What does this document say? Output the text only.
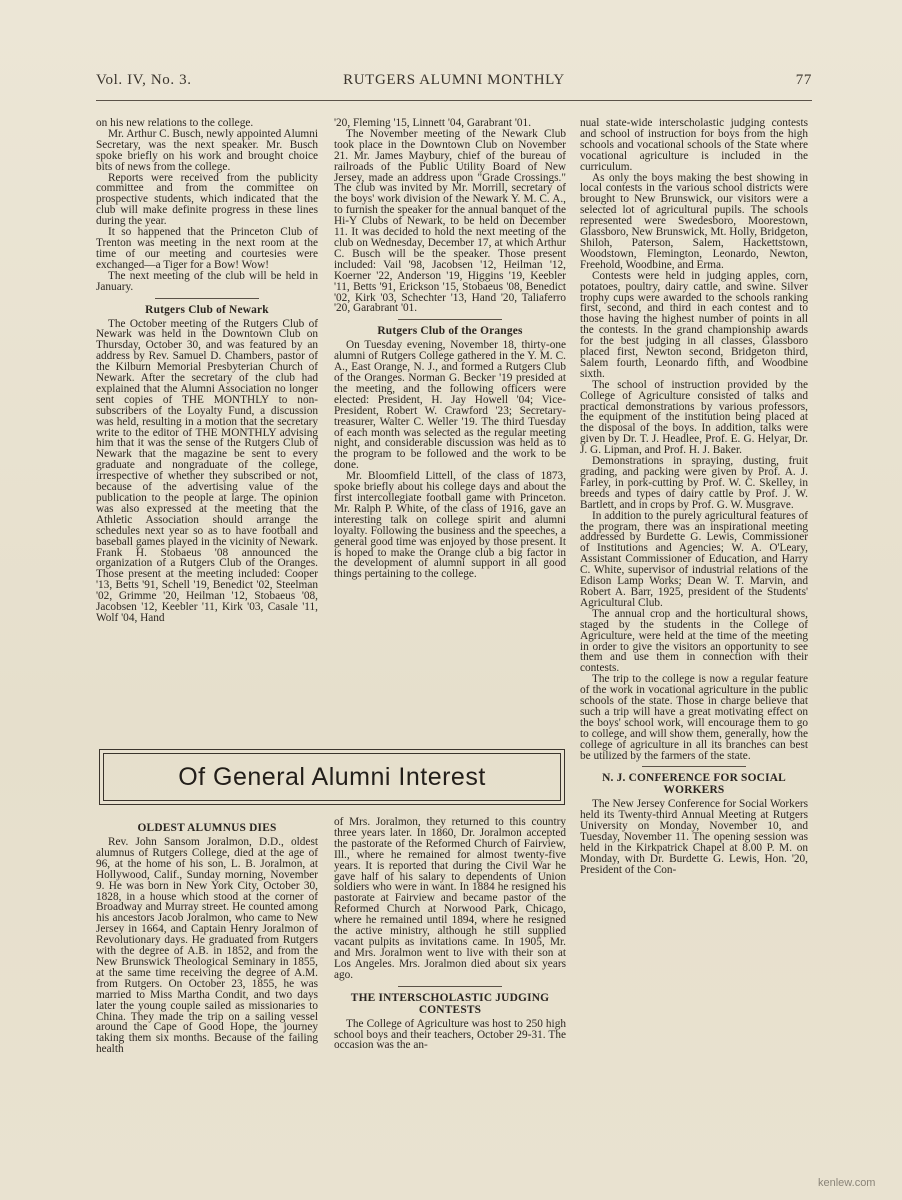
Vol. IV, No. 3.	RUTGERS ALUMNI MONTHLY	77

on his new relations to the college.

Mr. Arthur C. Busch, newly appointed Alumni Secretary, was the next speaker. Mr. Busch spoke briefly on his work and brought choice bits of news from the college.

Reports were received from the publicity committee and from the committee on prospective students, which indicated that the club will make definite progress in these lines during the year.

It so happened that the Princeton Club of Trenton was meeting in the next room at the time of our meeting and courtesies were exchanged—a Tiger for a Bow! Wow!

The next meeting of the club will be held in January.

Rutgers Club of Newark

The October meeting of the Rutgers Club of Newark was held in the Downtown Club on Thursday, October 30, and was featured by an address by Rev. Samuel D. Chambers, pastor of the Kilburn Memorial Presbyterian Church of Newark. After the secretary of the club had explained that the Alumni Association no longer sent copies of THE MONTHLY to non-subscribers of the Loyalty Fund, a discussion was held, resulting in a motion that the secretary write to the editor of THE MONTHLY advising him that it was the sense of the Rutgers Club of Newark that the magazine be sent to every graduate and nongraduate of the college, irrespective of whether they subscribed or not, because of the advertising value of the publication to the people at large. The opinion was also expressed at the meeting that the Athletic Association should arrange the schedules next year so as to have football and baseball games played in the vicinity of Newark. Frank H. Stobaeus '08 announced the organization of a Rutgers Club of the Oranges. Those present at the meeting included: Cooper '13, Betts '91, Schell '19, Benedict '02, Steelman '02, Grimme '20, Heilman '12, Stobaeus '08, Jacobsen '12, Keebler '11, Kirk '03, Casale '11, Wolf '04, Hand

'20, Fleming '15, Linnett '04, Garabrant '01.

The November meeting of the Newark Club took place in the Downtown Club on November 21. Mr. James Maybury, chief of the bureau of railroads of the Public Utility Board of New Jersey, made an address upon "Grade Crossings." The club was invited by Mr. Morrill, secretary of the boys' work division of the Newark Y. M. C. A., to furnish the speaker for the annual banquet of the Hi-Y Clubs of Newark, to be held on December 11. It was decided to hold the next meeting of the club on Wednesday, December 17, at which Arthur C. Busch will be the speaker. Those present included: Vail '98, Jacobsen '12, Heilman '12, Koerner '22, Anderson '19, Higgins '19, Keebler '11, Betts '91, Erickson '15, Stobaeus '08, Benedict '02, Kirk '03, Schechter '13, Hand '20, Taliaferro '20, Garabrant '01.

Rutgers Club of the Oranges

On Tuesday evening, November 18, thirty-one alumni of Rutgers College gathered in the Y. M. C. A., East Orange, N. J., and formed a Rutgers Club of the Oranges. Norman G. Becker '19 presided at the meeting, and the following officers were elected: President, H. Jay Howell '04; Vice-President, Robert W. Crawford '23; Secretary-treasurer, Walter C. Weller '19. The third Tuesday of each month was selected as the regular meeting night, and considerable discussion was held as to the program to be followed and the work to be done.

Mr. Bloomfield Littell, of the class of 1873, spoke briefly about his college days and about the first intercollegiate football game with Princeton. Mr. Ralph P. White, of the class of 1916, gave an interesting talk on college spirit and alumni loyalty. Following the business and the speeches, a general good time was enjoyed by those present. It is hoped to make the Orange club a big factor in the development of alumni support in all good things pertaining to the college.

nual state-wide interscholastic judging contests and school of instruction for boys from the high schools and vocational schools of the State where vocational agriculture is included in the curriculum.

As only the boys making the best showing in local contests in the various school districts were brought to New Brunswick, our visitors were a selected lot of agricultural pupils. The schools represented were Swedesboro, Moorestown, Glassboro, New Brunswick, Mt. Holly, Bridgeton, Shiloh, Paterson, Salem, Hackettstown, Woodstown, Flemington, Leonardo, Newton, Freehold, Woodbine, and Erma.

Contests were held in judging apples, corn, potatoes, poultry, dairy cattle, and swine. Silver trophy cups were awarded to the schools ranking first, second, and third in each contest and to those having the highest number of points in all the contests. In the grand championship awards for the best judging in all classes, Glassboro placed first, Newton second, Bridgeton third, Salem fourth, Leonardo fifth, and Woodbine sixth.

The school of instruction provided by the College of Agriculture consisted of talks and practical demonstrations by various professors, the equipment of the institution being placed at the disposal of the boys. In addition, talks were given by Dr. T. J. Headlee, Prof. E. G. Helyar, Dr. J. G. Lipman, and Prof. H. J. Baker.

Demonstrations in spraying, dusting, fruit grading, and packing were given by Prof. A. J. Farley, in pork-cutting by Prof. W. C. Skelley, in breeds and types of dairy cattle by Prof. J. W. Bartlett, and in crops by Prof. G. W. Musgrave.

In addition to the purely agricultural features of the program, there was an inspirational meeting addressed by Burdette G. Lewis, Commissioner of Institutions and Agencies; W. A. O'Leary, Assistant Commissioner of Education, and Harry C. White, supervisor of industrial relations of the Edison Lamp Works; Dean W. T. Marvin, and Robert A. Barr, 1925, president of the Students' Agricultural Club.

The annual crop and the horticultural shows, staged by the students in the College of Agriculture, were held at the time of the meeting in order to give the visitors an opportunity to see them and use them in connection with their contests.

The trip to the college is now a regular feature of the work in vocational agriculture in the public schools of the state. Those in charge believe that such a trip will have a great motivating effect on the boys' school work, will encourage them to go to college, and will show them, generally, how the college of agriculture in all its branches can best be utilized by the farmers of the state.

N. J. CONFERENCE FOR SOCIAL WORKERS

The New Jersey Conference for Social Workers held its Twenty-third Annual Meeting at Rutgers University on Monday, November 10, and Tuesday, November 11. The opening session was held in the Kirkpatrick Chapel at 8.00 P. M. on Monday, with Dr. Burdette G. Lewis, Hon. '20, President of the Con-

Of General Alumni Interest
OLDEST ALUMNUS DIES

Rev. John Sansom Joralmon, D.D., oldest alumnus of Rutgers College, died at the age of 96, at the home of his son, L. B. Joralmon, at Hollywood, Calif., Sunday morning, November 9. He was born in New York City, October 30, 1828, in a house which stood at the corner of Broadway and Murray street. He counted among his ancestors Jacob Joralmon, who came to New Jersey in 1664, and Captain Henry Joralmon of Revolutionary days. He graduated from Rutgers with the degree of A.B. in 1852, and from the New Brunswick Theological Seminary in 1855, at the same time receiving the degree of A.M. from Rutgers. On October 23, 1855, he was married to Miss Martha Condit, and two days later the young couple sailed as missionaries to China. They made the trip on a sailing vessel around the Cape of Good Hope, the journey taking them six months. Because of the failing health

of Mrs. Joralmon, they returned to this country three years later. In 1860, Dr. Joralmon accepted the pastorate of the Reformed Church of Fairview, Ill., where he remained for almost twenty-five years. It is reported that during the Civil War he gave half of his salary to dependents of Union soldiers who were in want. In 1884 he resigned his pastorate at Fairview and became pastor of the Reformed Church at Norwood Park, Chicago, where he remained until 1894, where he resigned the active ministry, although he still supplied vacant pulpits as invitations came. In 1905, Mr. and Mrs. Joralmon went to live with their son at Los Angeles. Mrs. Joralmon died about six years ago.

THE INTERSCHOLASTIC JUDGING CONTESTS

The College of Agriculture was host to 250 high school boys and their teachers, October 29-31. The occasion was the an-

kenlew.com
